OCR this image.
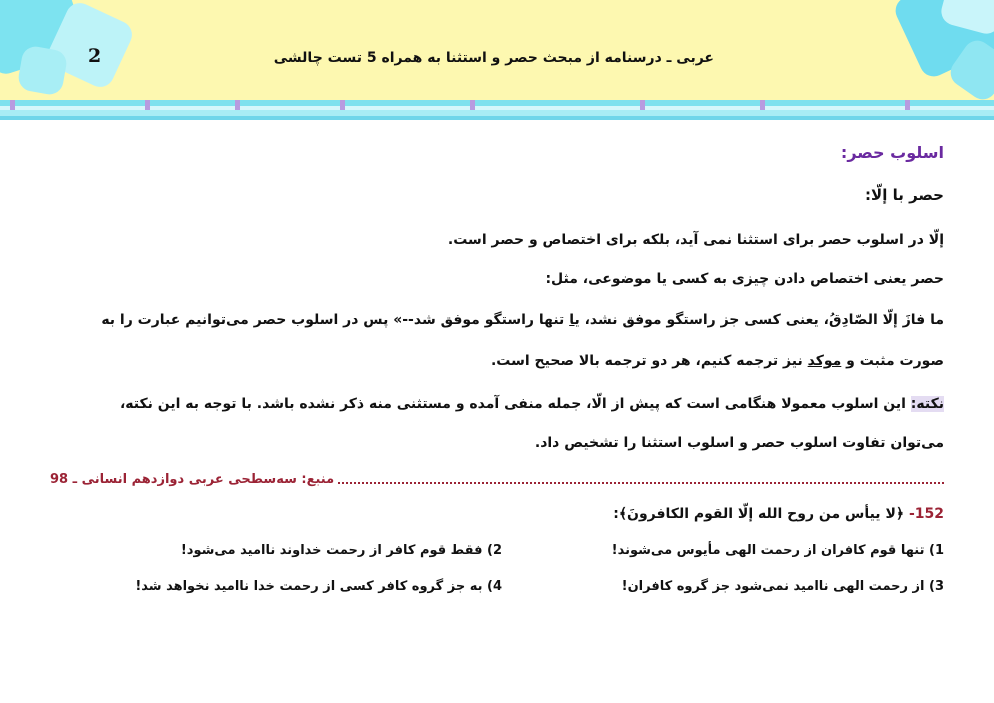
2	عربی ـ درسنامه از مبحث حصر و استثنا به همراه 5 تست چالشی
اسلوب حصر:
حصر با إلّا:
إلّا در اسلوب حصر برای استثنا نمی آید، بلکه برای اختصاص و حصر است.
حصر یعنی اختصاص دادن چیزی به کسی یا موضوعی، مثل:
ما فازَ إلّا الصّادِقُ، یعنی کسی جز راستگو موفق نشد، یا تنها راستگو موفق شد--» پس در اسلوب حصر می‌توانیم عبارت را به
صورت مثبت و موکد نیز ترجمه کنیم، هر دو ترجمه بالا صحیح است.
نکته: این اسلوب معمولا هنگامی است که پیش از الّا، جمله منفی آمده و مستثنی منه ذکر نشده باشد. با توجه به این نکته،
می‌توان تفاوت اسلوب حصر و اسلوب استثنا را تشخیص داد.
منبع: سه‌سطحی عربی دوازدهم انسانی ـ 98
152- ﴿لا ییأس من روح الله إلّا القوم الکافرونَ﴾:
1) تنها قوم کافران از رحمت الهی مأیوس می‌شوند!
2) فقط قوم کافر از رحمت خداوند ناامید می‌شود!
3) از رحمت الهی ناامید نمی‌شود جز گروه کافران!
4) به جز گروه کافر کسی از رحمت خدا ناامید نخواهد شد!
